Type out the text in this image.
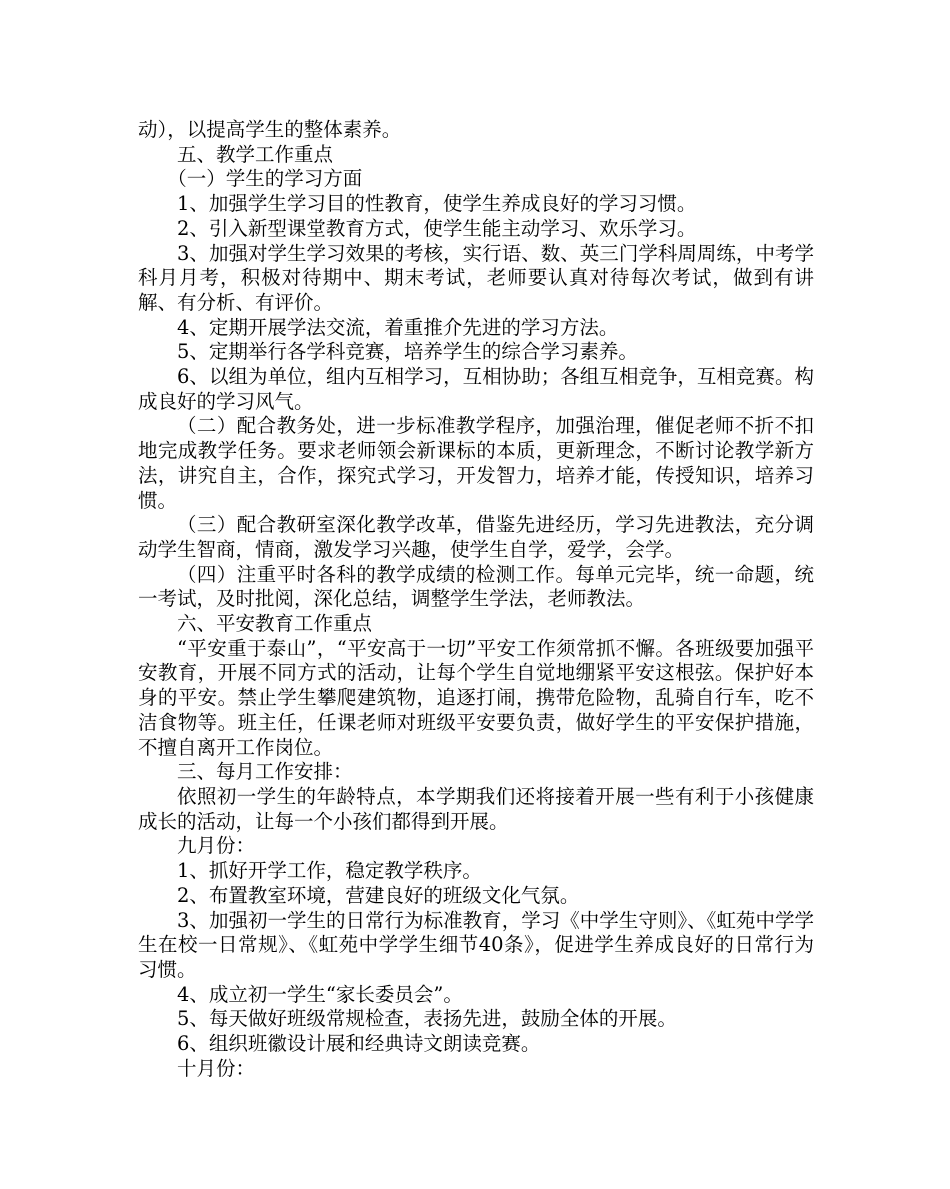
动），以提高学生的整体素养。

五、教学工作重点

（一）学生的学习方面

1、加强学生学习目的性教育，使学生养成良好的学习习惯。

2、引入新型课堂教育方式，使学生能主动学习、欢乐学习。

3、加强对学生学习效果的考核，实行语、数、英三门学科周周练，中考学科月月考，积极对待期中、期末考试，老师要认真对待每次考试，做到有讲解、有分析、有评价。

4、定期开展学法交流，着重推介先进的学习方法。

5、定期举行各学科竞赛，培养学生的综合学习素养。

6、以组为单位，组内互相学习，互相协助；各组互相竞争，互相竞赛。构成良好的学习风气。

（二）配合教务处，进一步标准教学程序，加强治理，催促老师不折不扣地完成教学任务。要求老师领会新课标的本质，更新理念，不断讨论教学新方法，讲究自主，合作，探究式学习，开发智力，培养才能，传授知识，培养习惯。

（三）配合教研室深化教学改革，借鉴先进经历，学习先进教法，充分调动学生智商，情商，激发学习兴趣，使学生自学，爱学，会学。

（四）注重平时各科的教学成绩的检测工作。每单元完毕，统一命题，统一考试，及时批阅，深化总结，调整学生学法，老师教法。

六、平安教育工作重点

“平安重于泰山”，“平安高于一切”平安工作须常抓不懈。各班级要加强平安教育，开展不同方式的活动，让每个学生自觉地绷紧平安这根弦。保护好本身的平安。禁止学生攀爬建筑物，追逐打闹，携带危险物，乱骑自行车，吃不洁食物等。班主任，任课老师对班级平安要负责，做好学生的平安保护措施，不擅自离开工作岗位。

三、每月工作安排：

依照初一学生的年龄特点，本学期我们还将接着开展一些有利于小孩健康成长的活动，让每一个小孩们都得到开展。

九月份：

1、抓好开学工作，稳定教学秩序。

2、布置教室环境，营建良好的班级文化气氛。

3、加强初一学生的日常行为标准教育，学习《中学生守则》、《虹苑中学学生在校一日常规》、《虹苑中学学生细节40条》，促进学生养成良好的日常行为习惯。

4、成立初一学生“家长委员会”。

5、每天做好班级常规检查，表扬先进，鼓励全体的开展。

6、组织班徽设计展和经典诗文朗读竞赛。

十月份：
